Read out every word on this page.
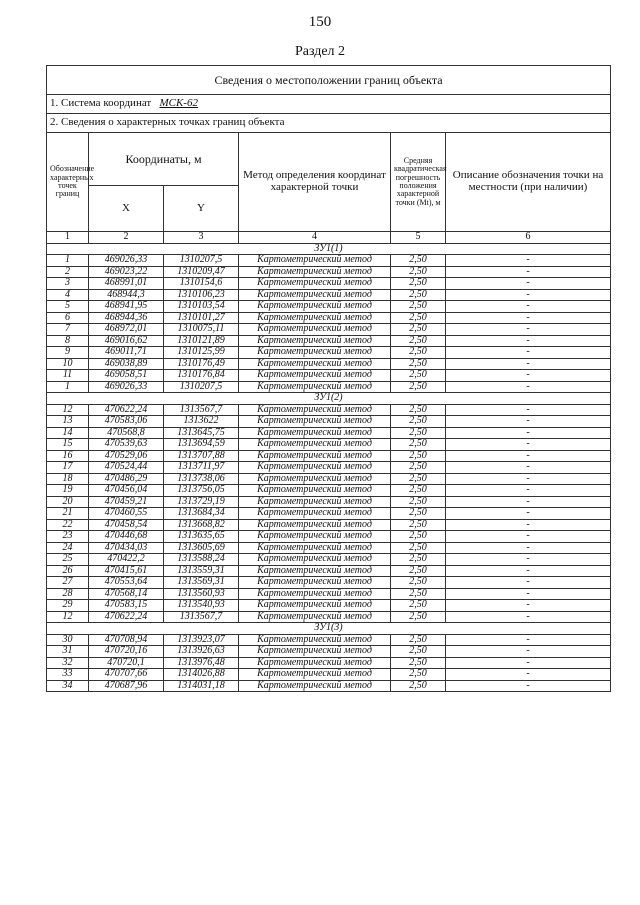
150
Раздел 2
Сведения о местоположении границ объекта					
1. Система координат МСК-62					
2. Сведения о характерных точках границ объекта					
Обозначение характерных точек границ	Координаты, м		Метод определения координат характерной точки	Средняя квадратическая погрешность положения характерной точки (Mt), м	Описание обозначения точки на местности (при наличии)
	X	Y			
1	2	3	4	5	6
ЗУ1(1)					
1	469026,33	1310207,5	Картометрический метод	2,50	-
2	469023,22	1310209,47	Картометрический метод	2,50	-
3	468991,01	1310154,6	Картометрический метод	2,50	-
4	468944,3	1310106,23	Картометрический метод	2,50	-
5	468941,95	1310103,54	Картометрический метод	2,50	-
6	468944,36	1310101,27	Картометрический метод	2,50	-
7	468972,01	1310075,11	Картометрический метод	2,50	-
8	469016,62	1310121,89	Картометрический метод	2,50	-
9	469011,71	1310125,99	Картометрический метод	2,50	-
10	469038,89	1310176,49	Картометрический метод	2,50	-
11	469058,51	1310176,84	Картометрический метод	2,50	-
1	469026,33	1310207,5	Картометрический метод	2,50	-
ЗУ1(2)					
12	470622,24	1313567,7	Картометрический метод	2,50	-
13	470583,06	1313622	Картометрический метод	2,50	-
14	470568,8	1313645,75	Картометрический метод	2,50	-
15	470539,63	1313694,59	Картометрический метод	2,50	-
16	470529,06	1313707,88	Картометрический метод	2,50	-
17	470524,44	1313711,97	Картометрический метод	2,50	-
18	470486,29	1313738,06	Картометрический метод	2,50	-
19	470456,04	1313756,05	Картометрический метод	2,50	-
20	470459,21	1313729,19	Картометрический метод	2,50	-
21	470460,55	1313684,34	Картометрический метод	2,50	-
22	470458,54	1313668,82	Картометрический метод	2,50	-
23	470446,68	1313635,65	Картометрический метод	2,50	-
24	470434,03	1313605,69	Картометрический метод	2,50	-
25	470422,2	1313588,24	Картометрический метод	2,50	-
26	470415,61	1313559,31	Картометрический метод	2,50	-
27	470553,64	1313569,31	Картометрический метод	2,50	-
28	470568,14	1313560,93	Картометрический метод	2,50	-
29	470583,15	1313540,93	Картометрический метод	2,50	-
12	470622,24	1313567,7	Картометрический метод	2,50	-
ЗУ1(3)					
30	470708,94	1313923,07	Картометрический метод	2,50	-
31	470720,16	1313926,63	Картометрический метод	2,50	-
32	470720,1	1313976,48	Картометрический метод	2,50	-
33	470707,66	1314026,88	Картометрический метод	2,50	-
34	470687,96	1314031,18	Картометрический метод	2,50	-
